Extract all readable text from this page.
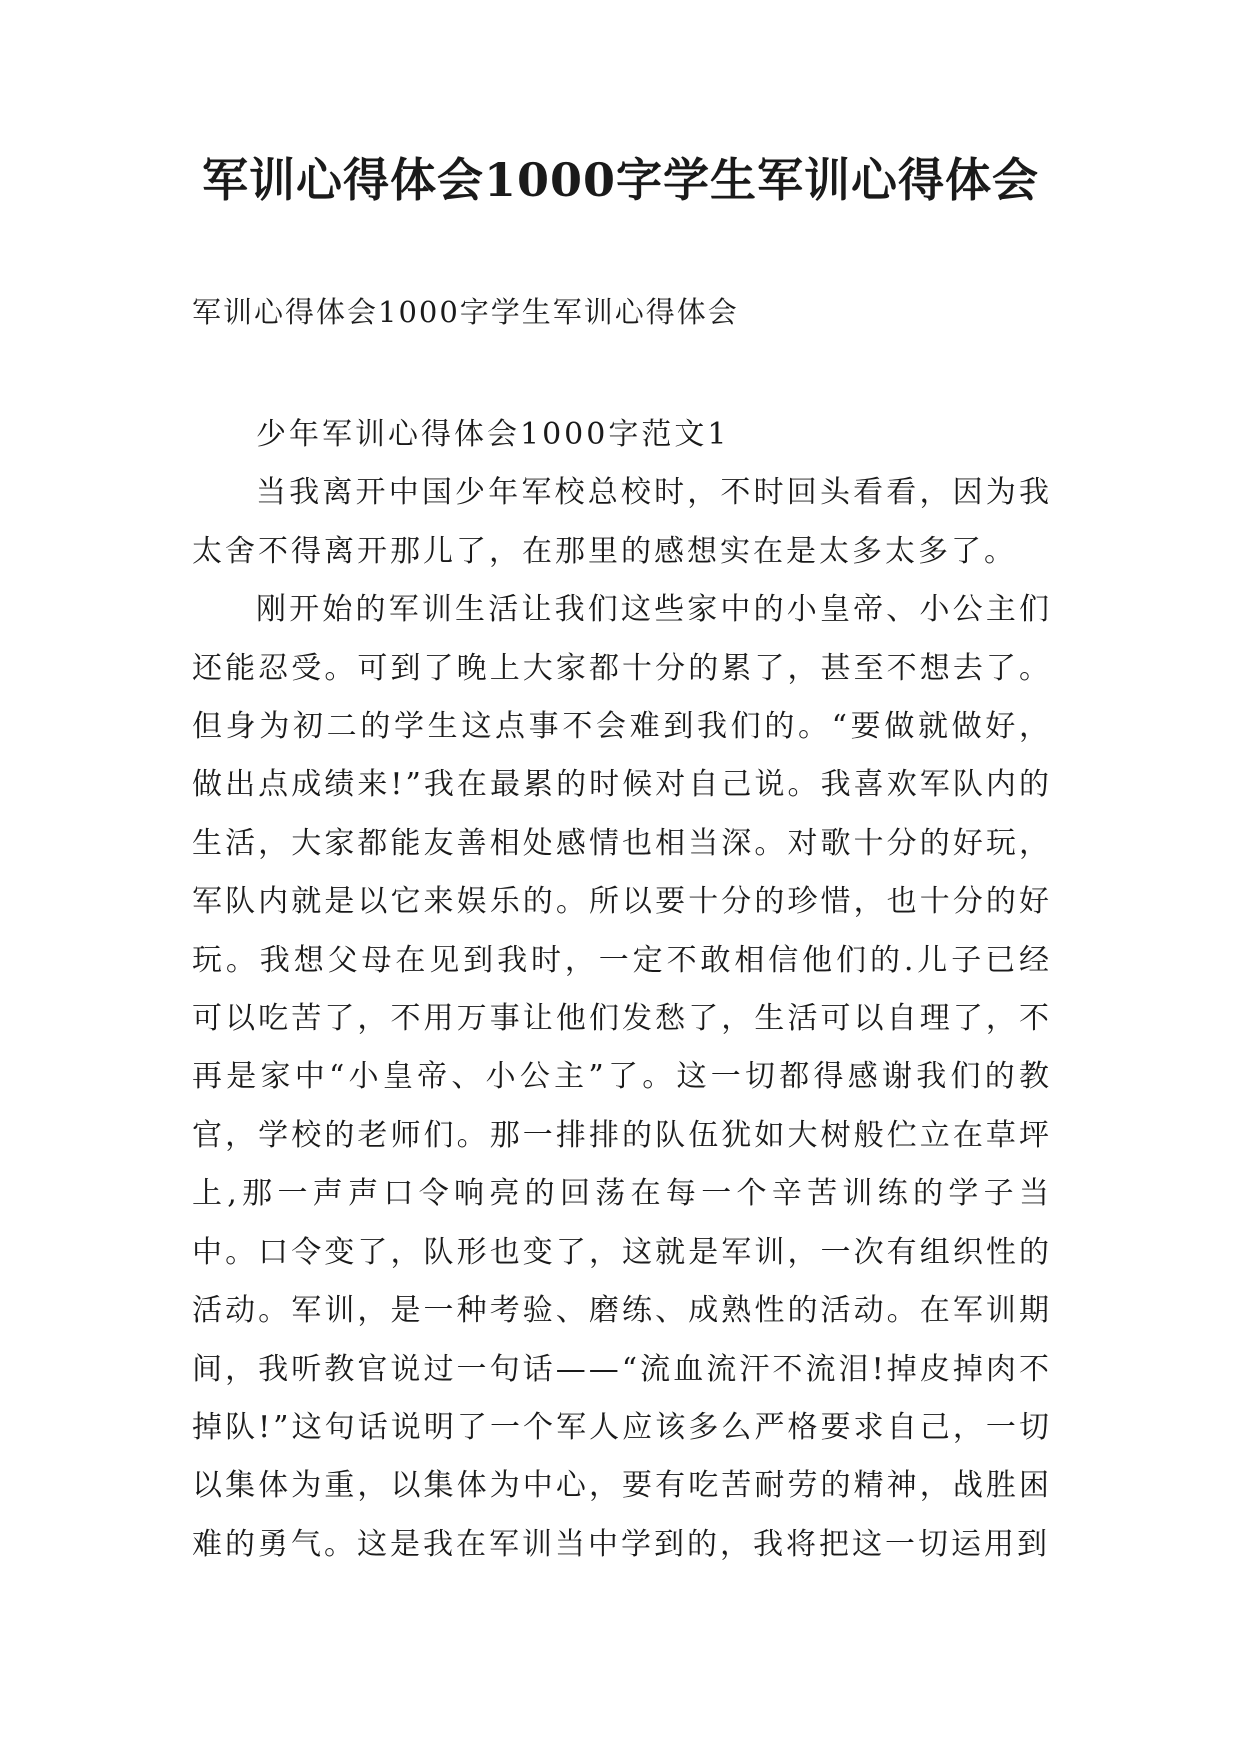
军训心得体会1000字学生军训心得体会

军训心得体会1000字学生军训心得体会

少年军训心得体会1000字范文1

当我离开中国少年军校总校时，不时回头看看，因为我太舍不得离开那儿了，在那里的感想实在是太多太多了。

刚开始的军训生活让我们这些家中的小皇帝、小公主们还能忍受。可到了晚上大家都十分的累了，甚至不想去了。但身为初二的学生这点事不会难到我们的。“要做就做好，做出点成绩来!”我在最累的时候对自己说。我喜欢军队内的生活，大家都能友善相处感情也相当深。对歌十分的好玩，军队内就是以它来娱乐的。所以要十分的珍惜，也十分的好玩。我想父母在见到我时，一定不敢相信他们的.儿子已经可以吃苦了，不用万事让他们发愁了，生活可以自理了，不再是家中“小皇帝、小公主”了。这一切都得感谢我们的教官，学校的老师们。那一排排的队伍犹如大树般伫立在草坪上,那一声声口令响亮的回荡在每一个辛苦训练的学子当中。口令变了，队形也变了，这就是军训，一次有组织性的活动。军训，是一种考验、磨练、成熟性的活动。在军训期间，我听教官说过一句话——“流血流汗不流泪!掉皮掉肉不掉队!”这句话说明了一个军人应该多么严格要求自己，一切以集体为重，以集体为中心，要有吃苦耐劳的精神，战胜困难的勇气。这是我在军训当中学到的，我将把这一切运用到
